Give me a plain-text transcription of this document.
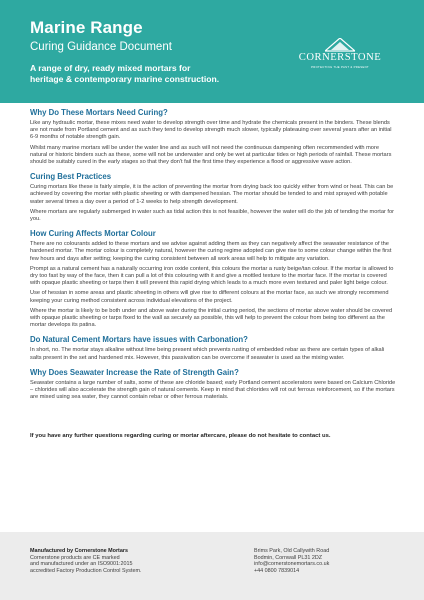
Marine Range
Curing Guidance Document
A range of dry, ready mixed mortars for
heritage & contemporary marine construction.
CORNERSTONE
PROTECTING THE PAST & PRESENT
Why Do These Mortars Need Curing?

Like any hydraulic mortar, these mixes need water to develop strength over time and hydrate the chemicals present in the binders. These blends are not made from Portland cement and as such they tend to develop strength much slower, typically plateauing over several years after an initial 6-9 months of notable strength gain.

Whilst many marine mortars will be under the water line and as such will not need the continuous dampening often recommended with more natural or historic binders such as these, some will not be underwater and only be wet at particular tides or high periods of rainfall. These mortars should be suitably cured in the early stages so that they don't fail the first time they experience a flood or aggressive wave action.

Curing Best Practices

Curing mortars like these is fairly simple, it is the action of preventing the mortar from drying back too quickly either from wind or heat. This can be achieved by covering the mortar with plastic sheeting or with dampened hessian. The mortar should be tended to and mist sprayed with potable water several times a day over a period of 1-2 weeks to help strength development.

Where mortars are regularly submerged in water such as tidal action this is not feasible, however the water will do the job of tending the mortar for you.

How Curing Affects Mortar Colour

There are no colourants added to these mortars and we advise against adding them as they can negatively affect the seawater resistance of the hardened mortar. The mortar colour is completely natural, however the curing regime adopted can give rise to some colour change within the first few hours and days after setting; keeping the curing consistent between all work areas will help to mitigate any variation.

Prompt as a natural cement has a naturally occurring iron oxide content, this colours the mortar a rusty beige/tan colour. If the mortar is allowed to dry too fast by way of the face, then it can pull a lot of this colouring with it and give a mottled texture to the mortar face. If the mortar is covered with opaque plastic sheeting or tarps then it will prevent this rapid drying which leads to a much more even textured and paler light beige colour.

Use of hessian in some areas and plastic sheeting in others will give rise to different colours at the mortar face, as such we strongly recommend keeping your curing method consistent across individual elevations of the project.

Where the mortar is likely to be both under and above water during the initial curing period, the sections of mortar above water should be covered with opaque plastic sheeting or tarps fixed to the wall as securely as possible, this will help to prevent the colour from being too different as the mortar develops its patina.

Do Natural Cement Mortars have issues with Carbonation?

In short, no. The mortar stays alkaline without lime being present which prevents rusting of embedded rebar as there are certain types of alkali salts present in the set and hardened mix. However, this passivation can be overcome if seawater is used as the mixing water.

Why Does Seawater Increase the Rate of Strength Gain?

Seawater contains a large number of salts, some of these are chloride based; early Portland cement accelerators were based on Calcium Chloride – chlorides will also accelerate the strength gain of natural cements. Keep in mind that chlorides will rot out ferrous reinforcement, so if the mortars are mixed using sea water, they cannot contain rebar or other ferrous materials.

If you have any further questions regarding curing or mortar aftercare, please do not hesitate to contact us.
Manufactured by Cornerstone Mortars
Cornerstone products are CE marked
and manufactured under an ISO9001:2015
accredited Factory Production Control System.
Brims Park, Old Callywith Road
Bodmin, Cornwall PL31 2DZ
info@cornerstonemortars.co.uk
+44 0800 7839014
